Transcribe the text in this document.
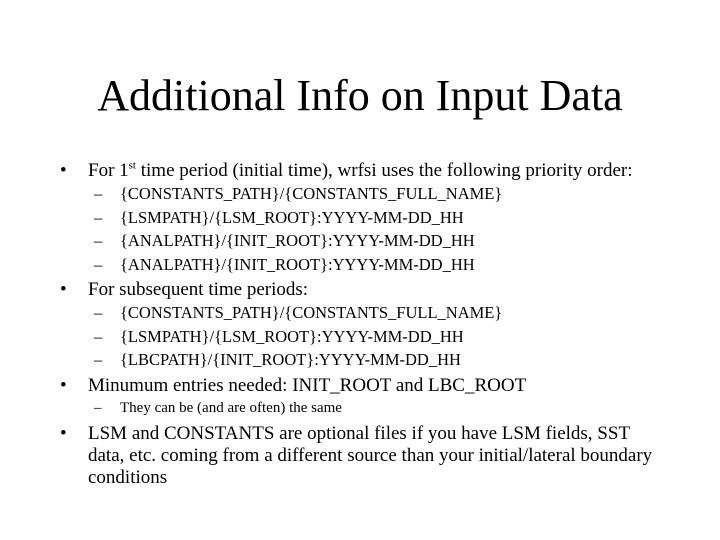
Additional Info on Input Data
• For 1st time period (initial time), wrfsi uses the following priority order:
– {CONSTANTS_PATH}/{CONSTANTS_FULL_NAME}
– {LSMPATH}/{LSM_ROOT}:YYYY-MM-DD_HH
– {ANALPATH}/{INIT_ROOT}:YYYY-MM-DD_HH
– {ANALPATH}/{INIT_ROOT}:YYYY-MM-DD_HH
• For subsequent time periods:
– {CONSTANTS_PATH}/{CONSTANTS_FULL_NAME}
– {LSMPATH}/{LSM_ROOT}:YYYY-MM-DD_HH
– {LBCPATH}/{INIT_ROOT}:YYYY-MM-DD_HH
• Minumum entries needed: INIT_ROOT and LBC_ROOT
– They can be (and are often) the same
• LSM and CONSTANTS are optional files if you have LSM fields, SST data, etc. coming from a different source than your initial/lateral boundary conditions
